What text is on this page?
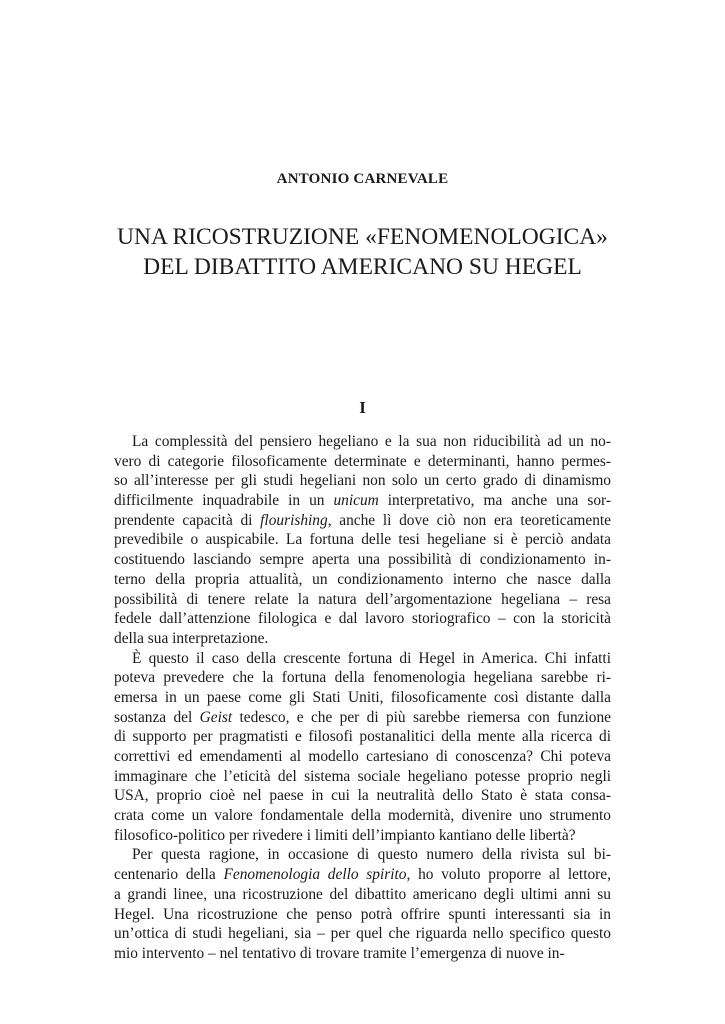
ANTONIO CARNEVALE
UNA RICOSTRUZIONE «FENOMENOLOGICA»
DEL DIBATTITO AMERICANO SU HEGEL
I
La complessità del pensiero hegeliano e la sua non riducibilità ad un no-
vero di categorie filosoficamente determinate e determinanti, hanno permes-
so all’interesse per gli studi hegeliani non solo un certo grado di dinamismo
difficilmente inquadrabile in un unicum interpretativo, ma anche una sor-
prendente capacità di flourishing, anche lì dove ciò non era teoreticamente
prevedibile o auspicabile. La fortuna delle tesi hegeliane si è perciò andata
costituendo lasciando sempre aperta una possibilità di condizionamento in-
terno della propria attualità, un condizionamento interno che nasce dalla
possibilità di tenere relate la natura dell’argomentazione hegeliana – resa
fedele dall’attenzione filologica e dal lavoro storiografico – con la storicità
della sua interpretazione.
È questo il caso della crescente fortuna di Hegel in America. Chi infatti
poteva prevedere che la fortuna della fenomenologia hegeliana sarebbe ri-
emersa in un paese come gli Stati Uniti, filosoficamente così distante dalla
sostanza del Geist tedesco, e che per di più sarebbe riemersa con funzione
di supporto per pragmatisti e filosofi postanalitici della mente alla ricerca di
correttivi ed emendamenti al modello cartesiano di conoscenza? Chi poteva
immaginare che l’eticità del sistema sociale hegeliano potesse proprio negli
USA, proprio cioè nel paese in cui la neutralità dello Stato è stata consa-
crata come un valore fondamentale della modernità, divenire uno strumento
filosofico-politico per rivedere i limiti dell’impianto kantiano delle libertà?
Per questa ragione, in occasione di questo numero della rivista sul bi-
centenario della Fenomenologia dello spirito, ho voluto proporre al lettore,
a grandi linee, una ricostruzione del dibattito americano degli ultimi anni su
Hegel. Una ricostruzione che penso potrà offrire spunti interessanti sia in
un’ottica di studi hegeliani, sia – per quel che riguarda nello specifico questo
mio intervento – nel tentativo di trovare tramite l’emergenza di nuove in-
